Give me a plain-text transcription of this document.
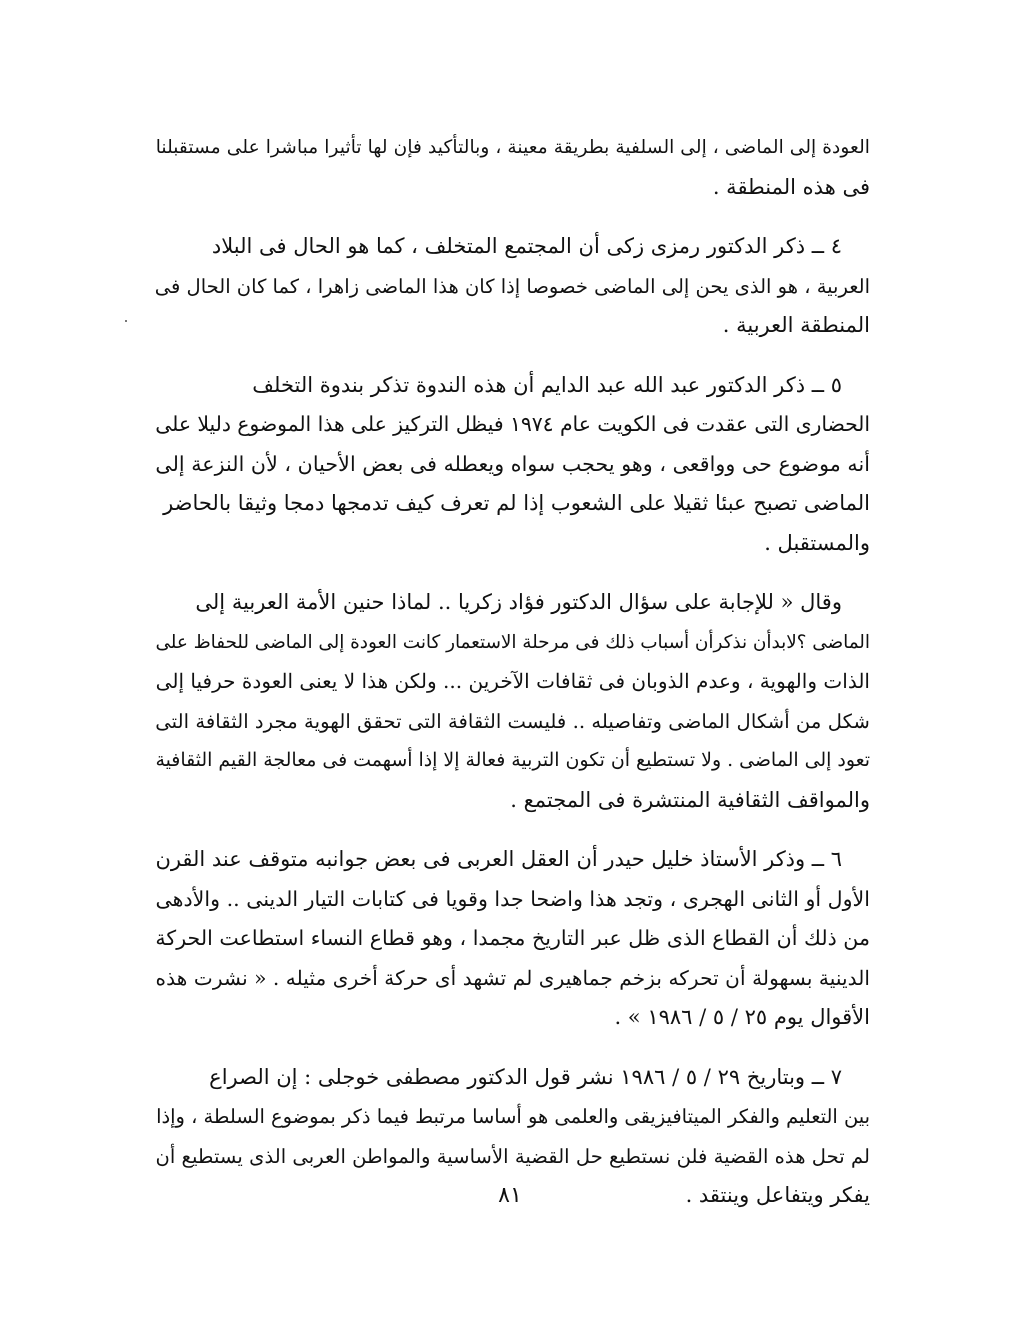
العودة إلى الماضى ، إلى السلفية بطريقة معينة ، وبالتأكيد فإن لها تأثيرا مباشرا على مستقبلنا
فى هذه المنطقة .

٤ ــ ذكر الدكتور رمزى زكى أن المجتمع المتخلف ، كما هو الحال فى البلاد
العربية ، هو الذى يحن إلى الماضى خصوصا إذا كان هذا الماضى زاهرا ، كما كان الحال فى
المنطقة العربية .

٥ ــ ذكر الدكتور عبد الله عبد الدايم أن هذه الندوة تذكر بندوة التخلف
الحضارى التى عقدت فى الكويت عام ١٩٧٤ فيظل التركيز على هذا الموضوع دليلا على
أنه موضوع حى وواقعى ، وهو يحجب سواه ويعطله فى بعض الأحيان ، لأن النزعة إلى
الماضى تصبح عبئا ثقيلا على الشعوب إذا لم تعرف كيف تدمجها دمجا وثيقا بالحاضر
والمستقبل .

وقال « للإجابة على سؤال الدكتور فؤاد زكريا .. لماذا حنين الأمة العربية إلى
الماضى ؟لابدأن نذكرأن أسباب ذلك فى مرحلة الاستعمار كانت العودة إلى الماضى للحفاظ على
الذات والهوية ، وعدم الذوبان فى ثقافات الآخرين ... ولكن هذا لا يعنى العودة حرفيا إلى
شكل من أشكال الماضى وتفاصيله .. فليست الثقافة التى تحقق الهوية مجرد الثقافة التى
تعود إلى الماضى . ولا تستطيع أن تكون التربية فعالة إلا إذا أسهمت فى معالجة القيم الثقافية
والمواقف الثقافية المنتشرة فى المجتمع .

٦ ــ وذكر الأستاذ خليل حيدر أن العقل العربى فى بعض جوانبه متوقف عند القرن
الأول أو الثانى الهجرى ، وتجد هذا واضحا جدا وقويا فى كتابات التيار الدينى .. والأدهى
من ذلك أن القطاع الذى ظل عبر التاريخ مجمدا ، وهو قطاع النساء استطاعت الحركة
الدينية بسهولة أن تحركه بزخم جماهيرى لم تشهد أى حركة أخرى مثيله . « نشرت هذه
الأقوال يوم ٢٥ / ٥ / ١٩٨٦ » .

٧ ــ وبتاريخ ٢٩ / ٥ / ١٩٨٦ نشر قول الدكتور مصطفى خوجلى : إن الصراع
بين التعليم والفكر الميتافيزيقى والعلمى هو أساسا مرتبط فيما ذكر بموضوع السلطة ، وإذا
لم تحل هذه القضية فلن نستطيع حل القضية الأساسية والمواطن العربى الذى يستطيع أن
يفكر ويتفاعل وينتقد .

٨١
